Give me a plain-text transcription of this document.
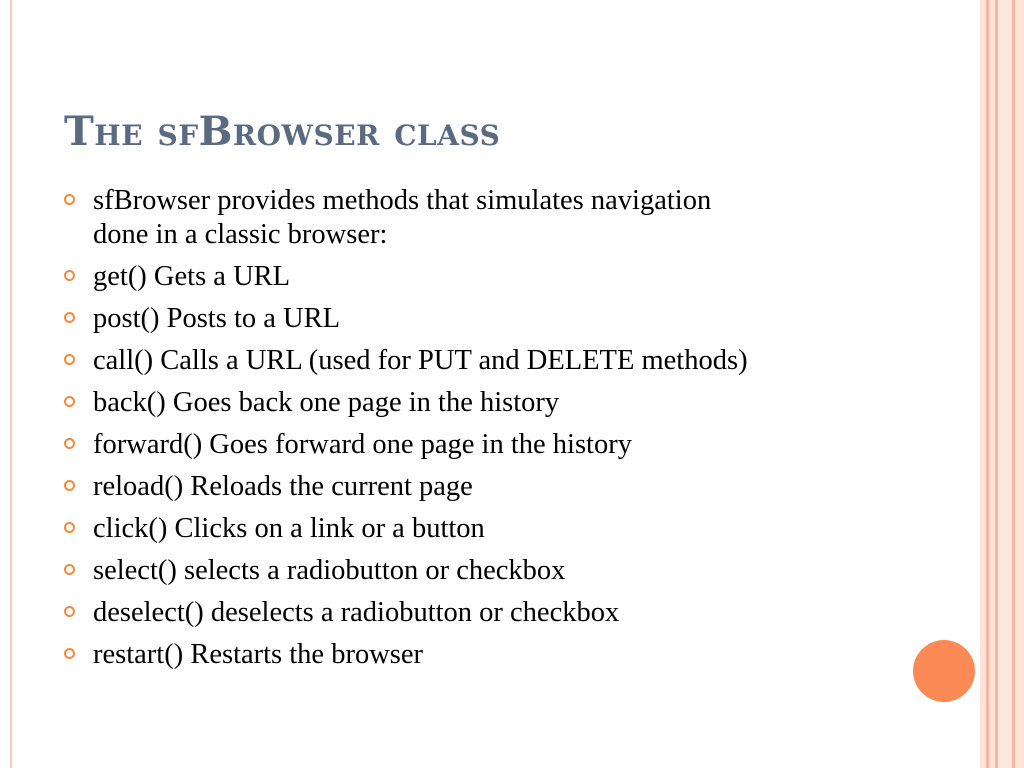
The sfBrowser class
sfBrowser provides methods that simulates navigation done in a classic browser:
get() Gets a URL
post() Posts to a URL
call() Calls a URL (used for PUT and DELETE methods)
back() Goes back one page in the history
forward() Goes forward one page in the history
reload() Reloads the current page
click() Clicks on a link or a button
select() selects a radiobutton or checkbox
deselect() deselects a radiobutton or checkbox
restart() Restarts the browser
